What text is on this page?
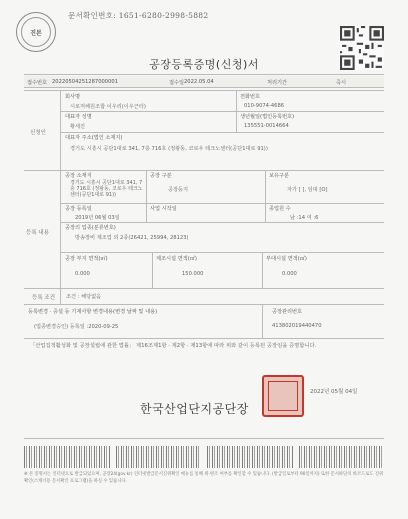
진본
문서확인번호: 1651-6280-2998-5882
공장등록증명(신청)서
접수번호 20220504251287000001	접수일 2022.05.04	처리기간	즉시
신청인
회사명
시로저해원조합 이우리(이우근터)
전화번호
010-9074-4686
대표자 성명
황세진
생년월일(법인등록번호)
135551-0014664
대표자 주소(법인 소재지)
경기도 시흥시 공단1대로 341, 7층 716호 (정왕동, 코로우 테크노센터(공단1대로 91))
등록 내용
공장 소재지
경기도 시흥시 공단1대로 341, 7층 716호 (정왕동, 코로우 테크노센터(공단1대로 91))
공장 구분
공장등지
보유구분
자가 [ ], 임대 [O]
공장 등록일
2019년 06월 03일
사업 시작일	종업원 수
남 :14 여 :6
공장의 업종(분류번호)
방송장비 제조업 외 2종(26421, 25994, 28123)
공장 부지 면적(㎡)
0.000
제조시설 면적(㎡)
150.000
부대시설 면적(㎡)
0.000
등록 조건 조건 : 해당없음
등록변경 · 증설 등 기재사항 변경내용(변경 날짜 및 내용)
(업종변경승인) 등록일 :2020-09-25
공장관리번호
413802019440470
「산업집적활성화 및 공장설립에 관한 법률」 제16조제1항 · 제2항 · 제13항에 따라 위와 같이 등록된 공장임을 증명합니다.
2022년 05월 04일
한국산업단지공단장
※ 본 증명서는 인터넷으로 발급되었으며, 공장24(gov.kr) 인터넷발급문서진위확인 메뉴를 통해 위·변조 여부를 확인할 수 있습니다. (발급일로부터 90일까지) 또한 문서하단의 바코드로도 진위확인(스캐너용 문서확인 프로그램)을 하실 수 있습니다.
